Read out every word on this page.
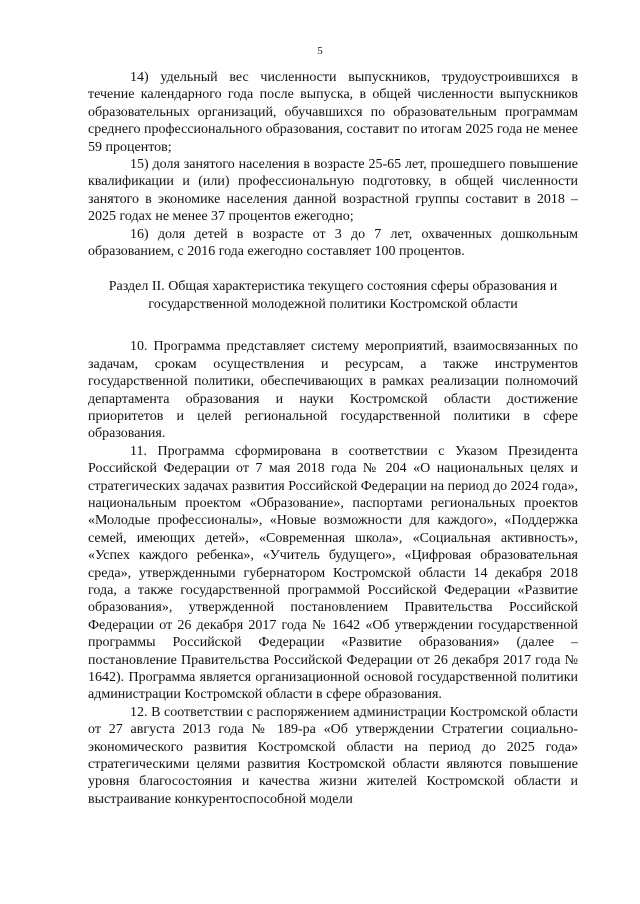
5

14) удельный вес численности выпускников, трудоустроившихся в течение календарного года после выпуска, в общей численности выпускников образовательных организаций, обучавшихся по образовательным программам среднего профессионального образования, составит по итогам 2025 года не менее 59 процентов;

15) доля занятого населения в возрасте 25-65 лет, прошедшего повышение квалификации и (или) профессиональную подготовку, в общей численности занятого в экономике населения данной возрастной группы составит в 2018 – 2025 годах не менее 37 процентов ежегодно;

16) доля детей в возрасте от 3 до 7 лет, охваченных дошкольным образованием, с 2016 года ежегодно составляет 100 процентов.

Раздел II. Общая характеристика текущего состояния сферы образования и
государственной молодежной политики Костромской области

10. Программа представляет систему мероприятий, взаимосвязанных по задачам, срокам осуществления и ресурсам, а также инструментов государственной политики, обеспечивающих в рамках реализации полномочий департамента образования и науки Костромской области достижение приоритетов и целей региональной государственной политики в сфере образования.

11. Программа сформирована в соответствии с Указом Президента Российской Федерации от 7 мая 2018 года № 204 «О национальных целях и стратегических задачах развития Российской Федерации на период до 2024 года», национальным проектом «Образование», паспортами региональных проектов «Молодые профессионалы», «Новые возможности для каждого», «Поддержка семей, имеющих детей», «Современная школа», «Социальная активность», «Успех каждого ребенка», «Учитель будущего», «Цифровая образовательная среда», утвержденными губернатором Костромской области 14 декабря 2018 года, а также государственной программой Российской Федерации «Развитие образования», утвержденной постановлением Правительства Российской Федерации от 26 декабря 2017 года № 1642 «Об утверждении государственной программы Российской Федерации «Развитие образования» (далее – постановление Правительства Российской Федерации от 26 декабря 2017 года № 1642). Программа является организационной основой государственной политики администрации Костромской области в сфере образования.

12. В соответствии с распоряжением администрации Костромской области от 27 августа 2013 года № 189-ра «Об утверждении Стратегии социально-экономического развития Костромской области на период до 2025 года» стратегическими целями развития Костромской области являются повышение уровня благосостояния и качества жизни жителей Костромской области и выстраивание конкурентоспособной модели
